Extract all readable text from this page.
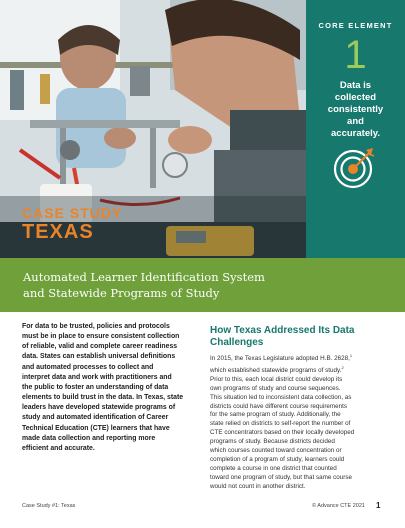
CASE STUDY
TEXAS
CORE ELEMENT
1
Data is
collected
consistently
and
accurately.
Automated Learner Identification System
and Statewide Programs of Study
For data to be trusted, policies and protocols
must be in place to ensure consistent collection
of reliable, valid and complete career readiness
data. States can establish universal definitions
and automated processes to collect and
interpret data and work with practitioners and
the public to foster an understanding of data
elements to build trust in the data. In Texas, state
leaders have developed statewide programs of
study and automated identification of Career
Technical Education (CTE) learners that have
made data collection and reporting more
efficient and accurate.
How Texas Addressed Its Data
Challenges
In 2015, the Texas Legislature adopted H.B. 2628,$^1$
which established statewide programs of study.$^2$
Prior to this, each local district could develop its
own programs of study and course sequences.
This situation led to inconsistent data collection, as
districts could have different course requirements
for the same program of study. Additionally, the
state relied on districts to self-report the number of
CTE concentrators based on their locally developed
programs of study. Because districts decided
which courses counted toward concentration or
completion of a program of study, learners could
complete a course in one district that counted
toward one program of study, but that same course
would not count in another district.
Case Study #1: Texas	© Advance CTE 2021 1
